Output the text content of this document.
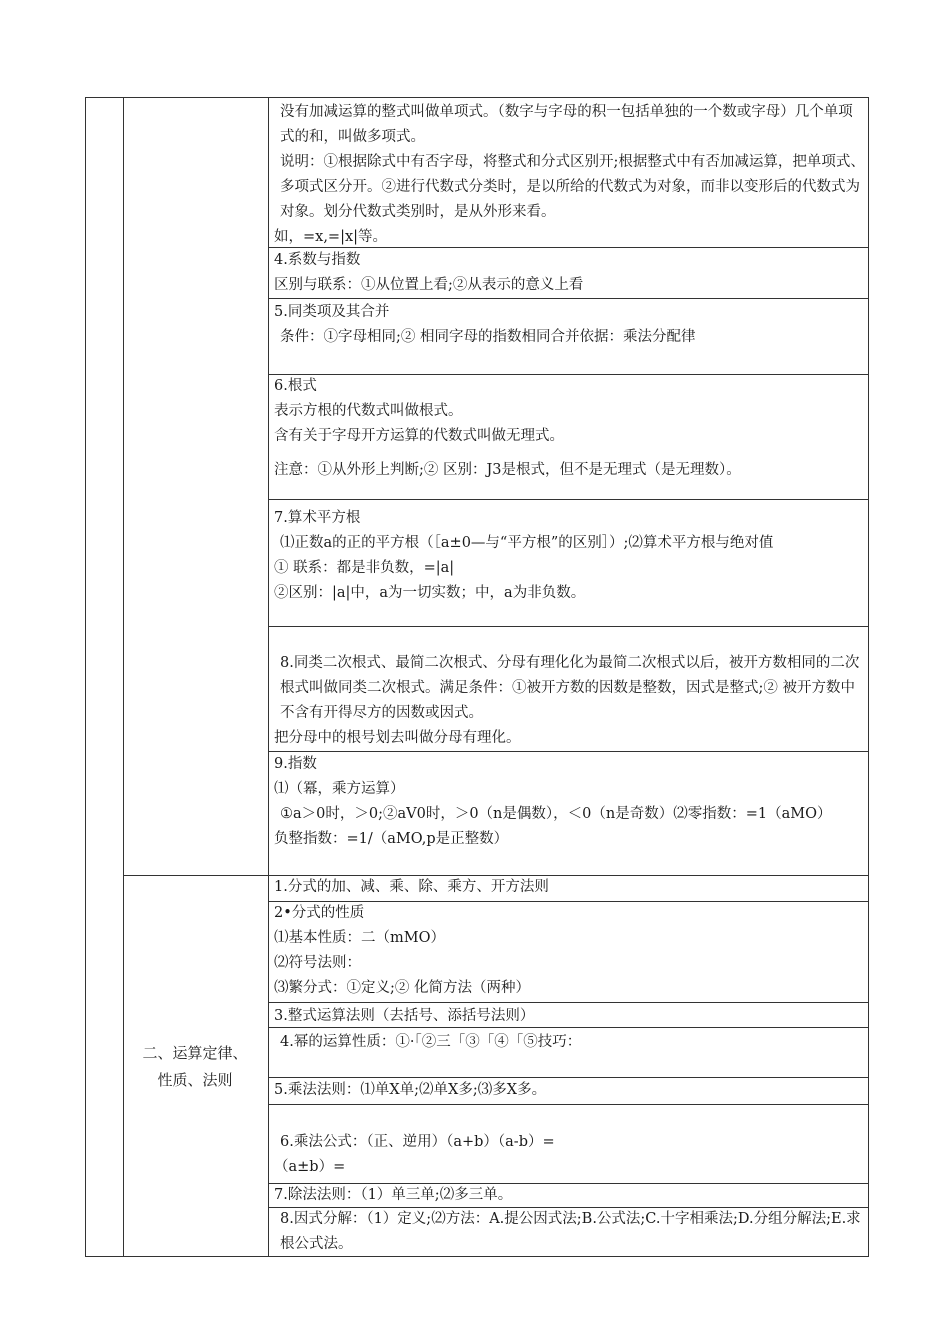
二、运算定律、
性质、法则

没有加减运算的整式叫做单项式。（数字与字母的积一包括单独的一个数或字母）几个单项式的和，叫做多项式。

说明：①根据除式中有否字母，将整式和分式区别开;根据整式中有否加减运算，把单项式、多项式区分开。②进行代数式分类时，是以所给的代数式为对象，而非以变形后的代数式为对象。划分代数式类别时，是从外形来看。

如，=x,=|x|等。

4.系数与指数

区别与联系：①从位置上看;②从表示的意义上看

5.同类项及其合并

条件：①字母相同;② 相同字母的指数相同合并依据：乘法分配律

6.根式

表示方根的代数式叫做根式。

含有关于字母开方运算的代数式叫做无理式。

注意：①从外形上判断;② 区别：J3是根式，但不是无理式（是无理数）。

7.算术平方根

⑴正数a的正的平方根（［a±0—与“平方根”的区别］）;⑵算术平方根与绝对值

① 联系：都是非负数，=|a|

②区别：|a|中，a为一切实数；中，a为非负数。

8.同类二次根式、最简二次根式、分母有理化化为最简二次根式以后，被开方数相同的二次根式叫做同类二次根式。满足条件：①被开方数的因数是整数，因式是整式;② 被开方数中不含有开得尽方的因数或因式。

把分母中的根号划去叫做分母有理化。

9.指数

⑴（冪，乘方运算）

①a＞0时，＞0;②aV0时，＞0（n是偶数），＜0（n是奇数）⑵零指数：=1（aMO）

负整指数：=1/（aMO,p是正整数）

1.分式的加、减、乘、除、乘方、开方法则

2•分式的性质

⑴基本性质：二（mMO）

⑵符号法则：

⑶繁分式：①定义;② 化简方法（两种）

3.整式运算法则（去括号、添括号法则）

4.幂的运算性质：①·「②三「③「④「⑤技巧：

5.乘法法则：⑴单X单;⑵单X多;⑶多X多。

6.乘法公式：（正、逆用）（a+b）（a-b）=

（a±b）=

7.除法法则：（1）单三单;⑵多三单。

8.因式分解：（1）定义;⑵方法：A.提公因式法;B.公式法;C.十字相乘法;D.分组分解法;E.求根公式法。
